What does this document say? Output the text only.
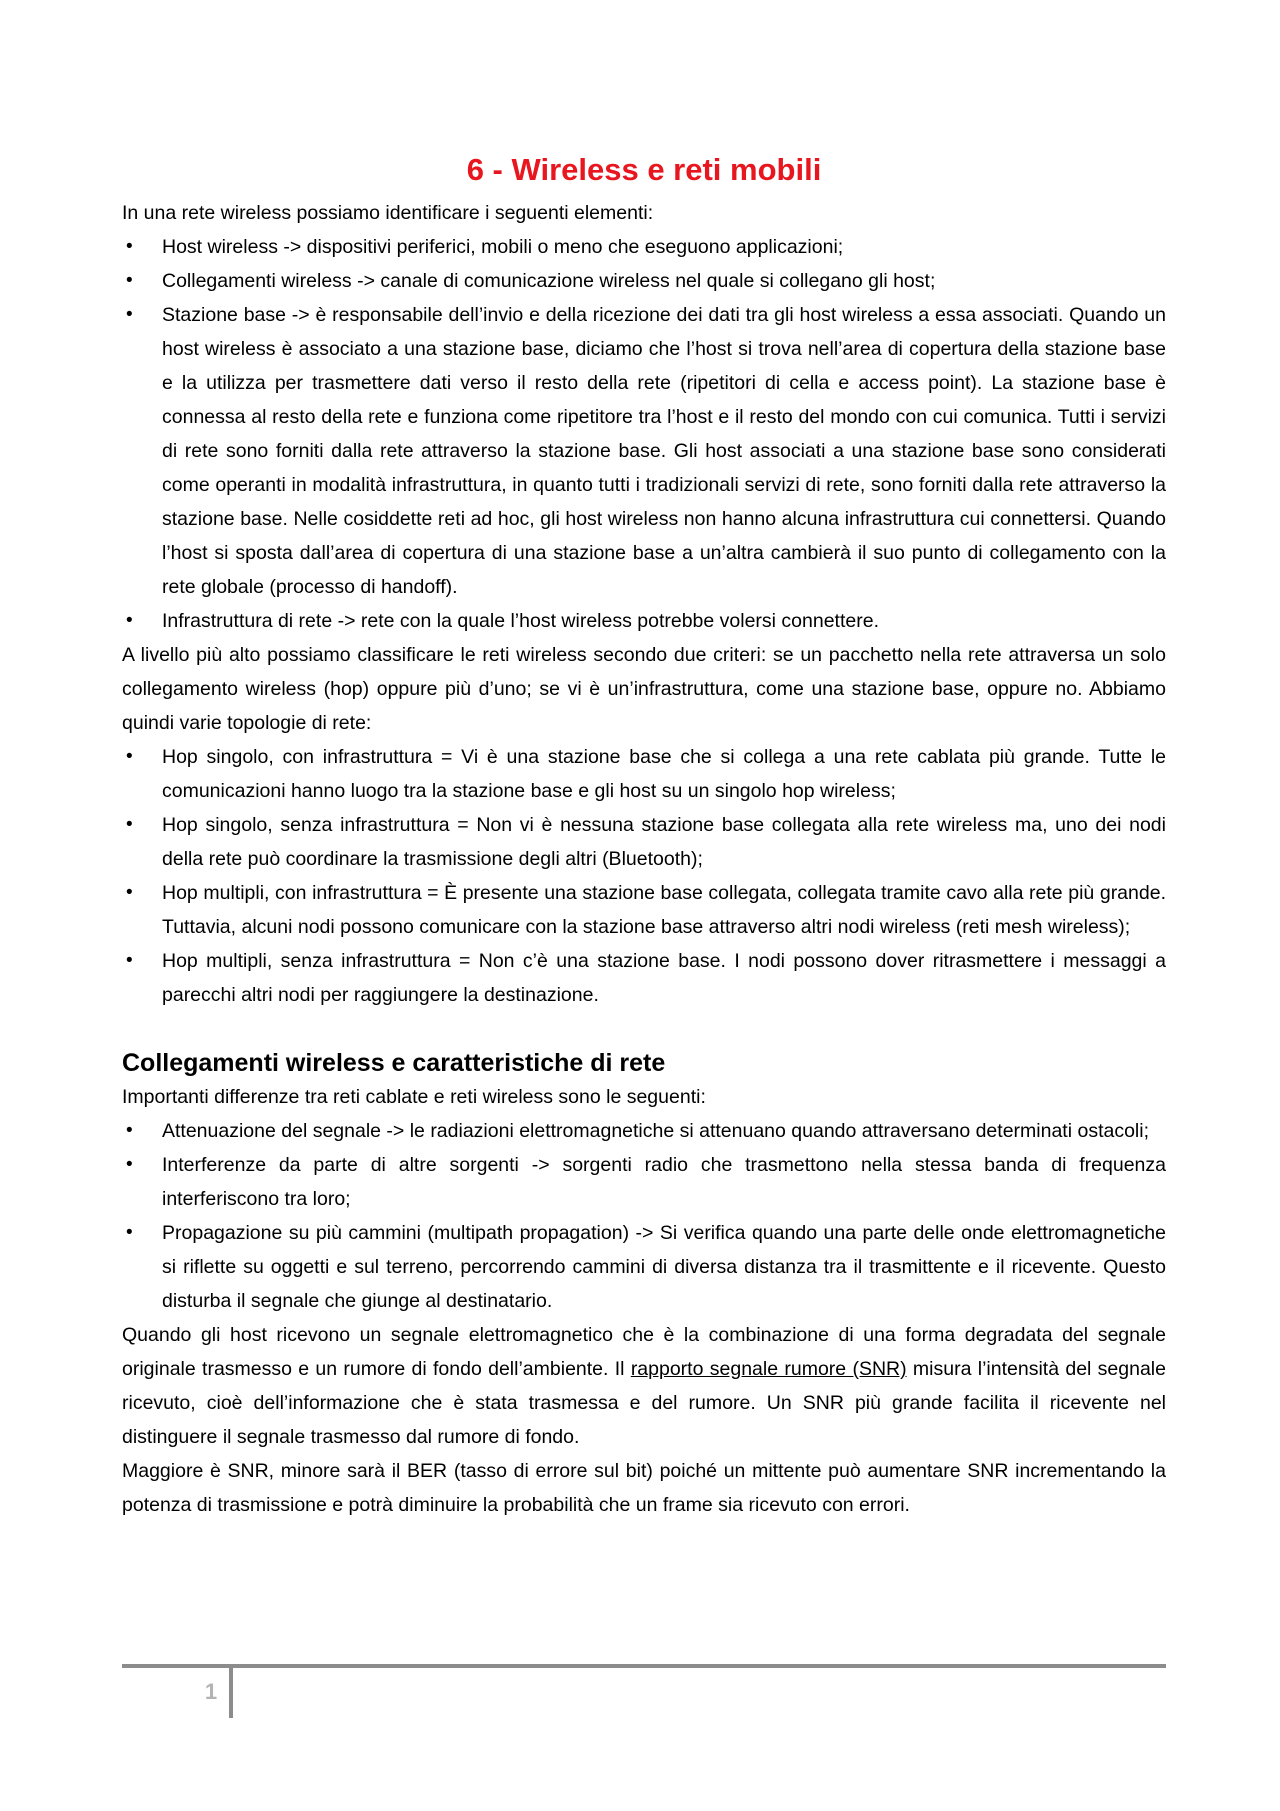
6 - Wireless e reti mobili

In una rete wireless possiamo identificare i seguenti elementi:

• Host wireless -> dispositivi periferici, mobili o meno che eseguono applicazioni;
• Collegamenti wireless -> canale di comunicazione wireless nel quale si collegano gli host;
• Stazione base -> è responsabile dell’invio e della ricezione dei dati tra gli host wireless a essa associati. Quando un host wireless è associato a una stazione base, diciamo che l’host si trova nell’area di copertura della stazione base e la utilizza per trasmettere dati verso il resto della rete (ripetitori di cella e access point). La stazione base è connessa al resto della rete e funziona come ripetitore tra l’host e il resto del mondo con cui comunica. Tutti i servizi di rete sono forniti dalla rete attraverso la stazione base. Gli host associati a una stazione base sono considerati come operanti in modalità infrastruttura, in quanto tutti i tradizionali servizi di rete, sono forniti dalla rete attraverso la stazione base. Nelle cosiddette reti ad hoc, gli host wireless non hanno alcuna infrastruttura cui connettersi. Quando l’host si sposta dall’area di copertura di una stazione base a un’altra cambierà il suo punto di collegamento con la rete globale (processo di handoff).
• Infrastruttura di rete -> rete con la quale l’host wireless potrebbe volersi connettere.

A livello più alto possiamo classificare le reti wireless secondo due criteri: se un pacchetto nella rete attraversa un solo collegamento wireless (hop) oppure più d’uno; se vi è un’infrastruttura, come una stazione base, oppure no. Abbiamo quindi varie topologie di rete:

• Hop singolo, con infrastruttura = Vi è una stazione base che si collega a una rete cablata più grande. Tutte le comunicazioni hanno luogo tra la stazione base e gli host su un singolo hop wireless;
• Hop singolo, senza infrastruttura = Non vi è nessuna stazione base collegata alla rete wireless ma, uno dei nodi della rete può coordinare la trasmissione degli altri (Bluetooth);
• Hop multipli, con infrastruttura = È presente una stazione base collegata, collegata tramite cavo alla rete più grande. Tuttavia, alcuni nodi possono comunicare con la stazione base attraverso altri nodi wireless (reti mesh wireless);
• Hop multipli, senza infrastruttura = Non c’è una stazione base. I nodi possono dover ritrasmettere i messaggi a parecchi altri nodi per raggiungere la destinazione.
Collegamenti wireless e caratteristiche di rete

Importanti differenze tra reti cablate e reti wireless sono le seguenti:

• Attenuazione del segnale -> le radiazioni elettromagnetiche si attenuano quando attraversano determinati ostacoli;
• Interferenze da parte di altre sorgenti -> sorgenti radio che trasmettono nella stessa banda di frequenza interferiscono tra loro;
• Propagazione su più cammini (multipath propagation) -> Si verifica quando una parte delle onde elettromagnetiche si riflette su oggetti e sul terreno, percorrendo cammini di diversa distanza tra il trasmittente e il ricevente. Questo disturba il segnale che giunge al destinatario.

Quando gli host ricevono un segnale elettromagnetico che è la combinazione di una forma degradata del segnale originale trasmesso e un rumore di fondo dell’ambiente. Il rapporto segnale rumore (SNR) misura l’intensità del segnale ricevuto, cioè dell’informazione che è stata trasmessa e del rumore. Un SNR più grande facilita il ricevente nel distinguere il segnale trasmesso dal rumore di fondo.

Maggiore è SNR, minore sarà il BER (tasso di errore sul bit) poiché un mittente può aumentare SNR incrementando la potenza di trasmissione e potrà diminuire la probabilità che un frame sia ricevuto con errori.

1
